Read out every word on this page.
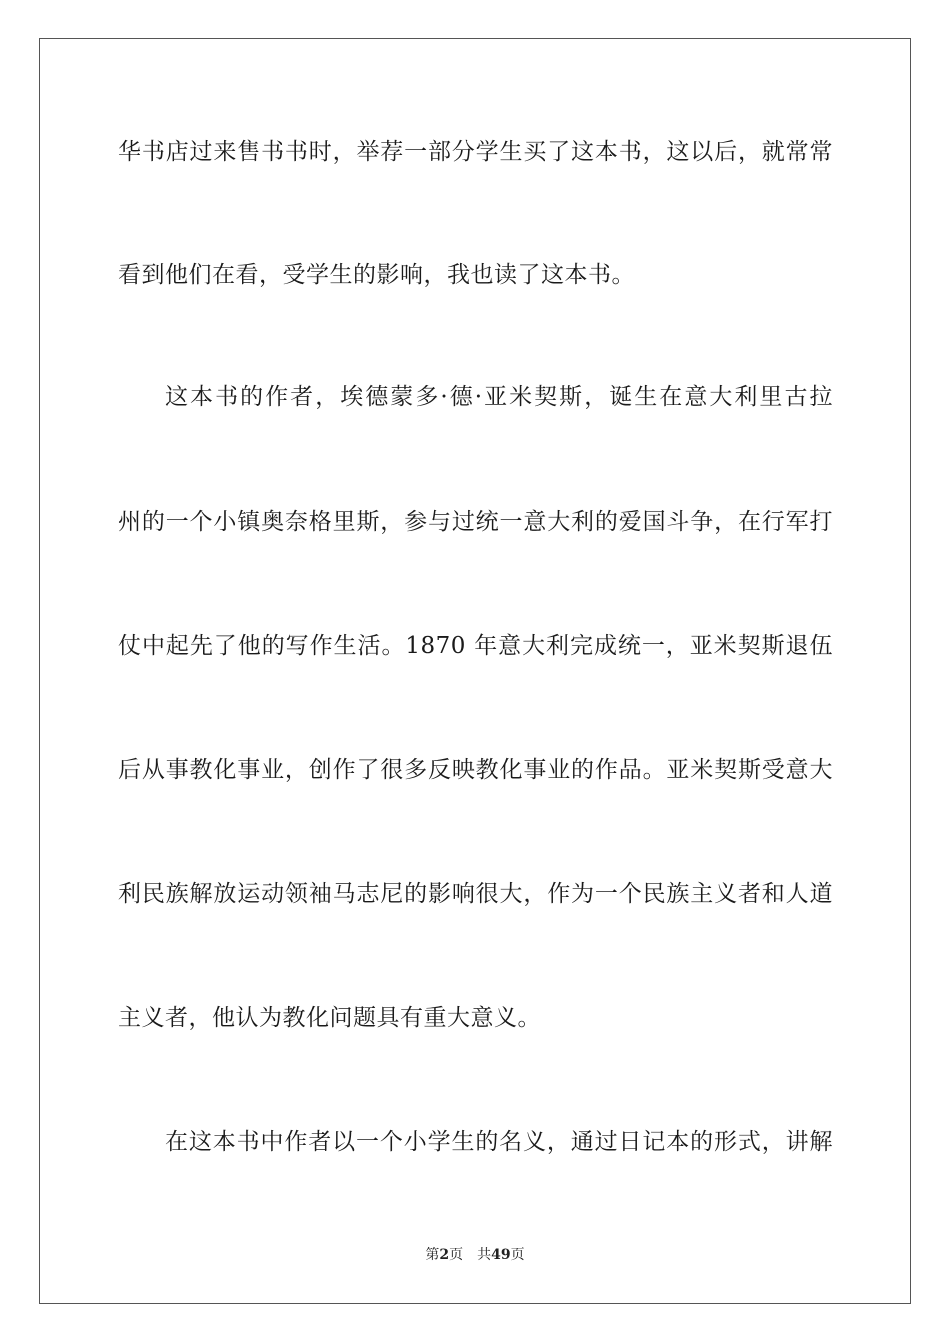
华书店过来售书书时，举荐一部分学生买了这本书，这以后，就常常
看到他们在看，受学生的影响，我也读了这本书。
这本书的作者，埃德蒙多·德·亚米契斯，诞生在意大利里古拉
州的一个小镇奥奈格里斯，参与过统一意大利的爱国斗争，在行军打
仗中起先了他的写作生活。1870 年意大利完成统一，亚米契斯退伍
后从事教化事业，创作了很多反映教化事业的作品。亚米契斯受意大
利民族解放运动领袖马志尼的影响很大，作为一个民族主义者和人道
主义者，他认为教化问题具有重大意义。
在这本书中作者以一个小学生的名义，通过日记本的形式，讲解
第2页 共49页
